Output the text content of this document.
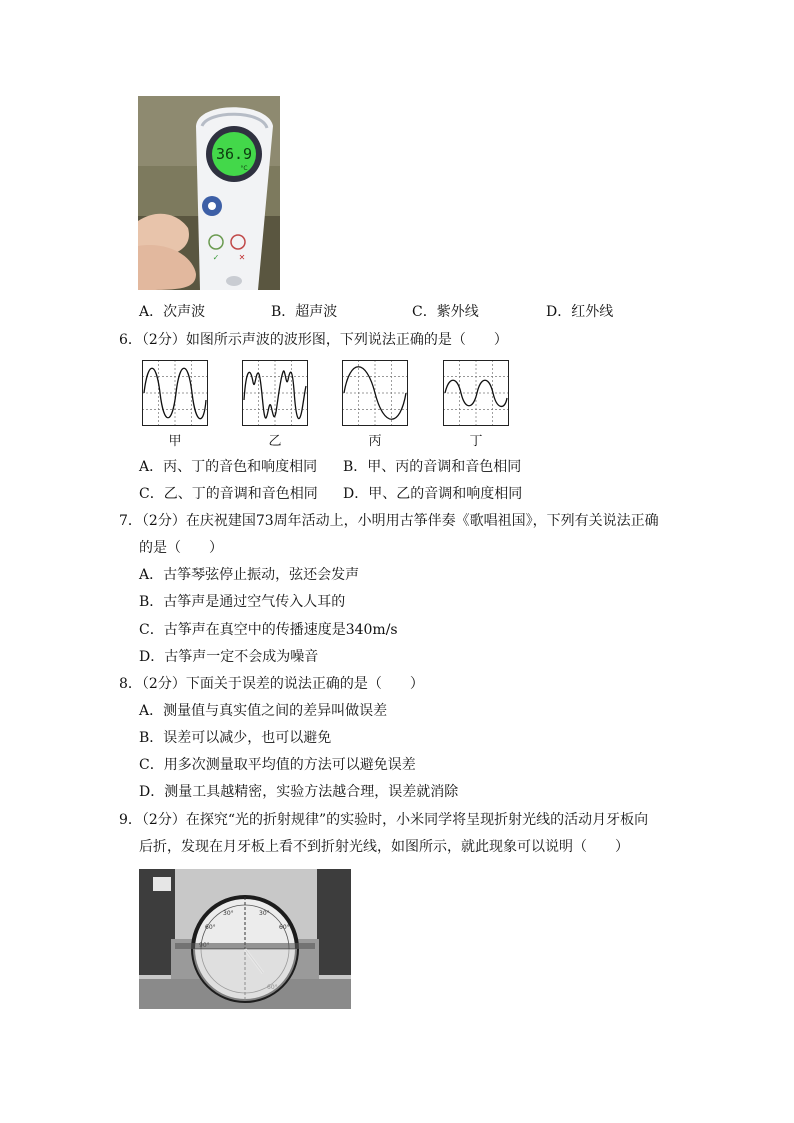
36.9
°C
✓ ✕
A．次声波	B．超声波	C．紫外线	D．红外线
6．（2分）如图所示声波的波形图，下列说法正确的是（　　）
甲	乙	丙	丁
A．丙、丁的音色和响度相同 B．甲、丙的音调和音色相同
C．乙、丁的音调和音色相同 D．甲、乙的音调和响度相同
7．（2分）在庆祝建国73周年活动上，小明用古筝伴奏《歌唱祖国》，下列有关说法正确
的是（　　）
A．古筝琴弦停止振动，弦还会发声
B．古筝声是通过空气传入人耳的
C．古筝声在真空中的传播速度是340m/s
D．古筝声一定不会成为噪音
8．（2分）下面关于误差的说法正确的是（　　）
A．测量值与真实值之间的差异叫做误差
B．误差可以减少，也可以避免
C．用多次测量取平均值的方法可以避免误差
D．测量工具越精密，实验方法越合理，误差就消除
9．（2分）在探究“光的折射规律”的实验时，小米同学将呈现折射光线的活动月牙板向
后折，发现在月牙板上看不到折射光线，如图所示，就此现象可以说明（　　）
30°
60°	60°
30°
